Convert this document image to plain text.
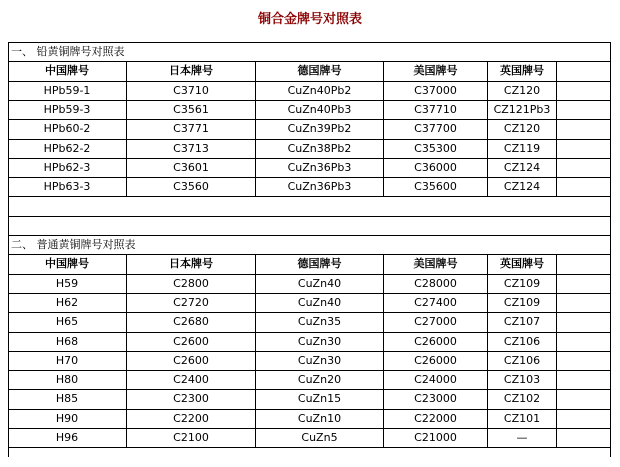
铜合金牌号对照表
一、 铅黄铜牌号对照表
中国牌号	日本牌号	德国牌号	美国牌号	英国牌号
HPb59-1	C3710	CuZn40Pb2	C37000	CZ120
HPb59-3	C3561	CuZn40Pb3	C37710	CZ121Pb3
HPb60-2	C3771	CuZn39Pb2	C37700	CZ120
HPb62-2	C3713	CuZn38Pb2	C35300	CZ119
HPb62-3	C3601	CuZn36Pb3	C36000	CZ124
HPb63-3	C3560	CuZn36Pb3	C35600	CZ124
二、 普通黄铜牌号对照表
中国牌号	日本牌号	德国牌号	美国牌号	英国牌号
H59	C2800	CuZn40	C28000	CZ109
H62	C2720	CuZn40	C27400	CZ109
H65	C2680	CuZn35	C27000	CZ107
H68	C2600	CuZn30	C26000	CZ106
H70	C2600	CuZn30	C26000	CZ106
H80	C2400	CuZn20	C24000	CZ103
H85	C2300	CuZn15	C23000	CZ102
H90	C2200	CuZn10	C22000	CZ101
H96	C2100	CuZn5	C21000	—
